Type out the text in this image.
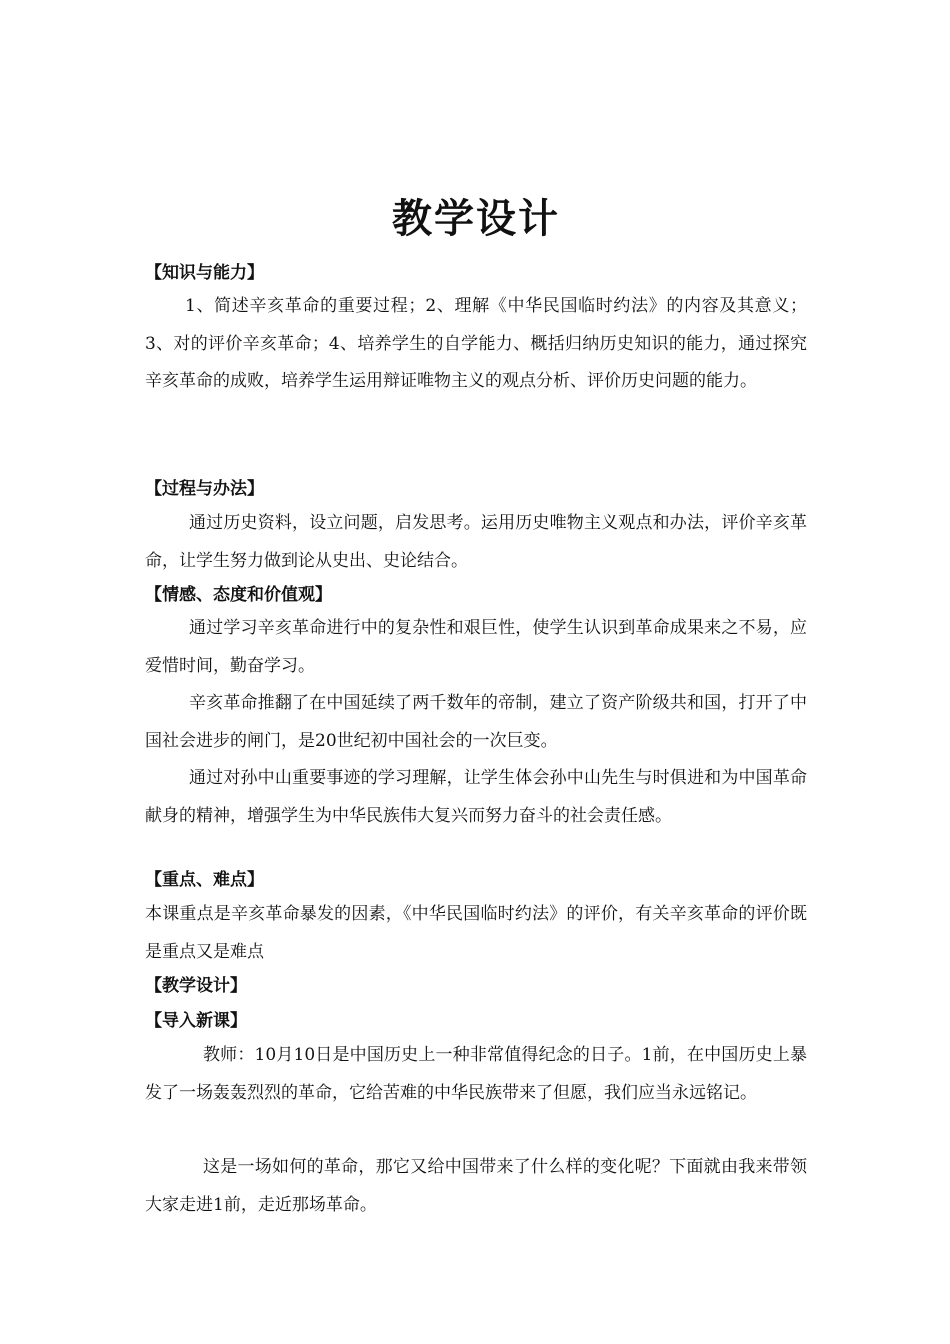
教学设计
【知识与能力】
1、简述辛亥革命的重要过程；2、理解《中华民国临时约法》的内容及其意义；3、对的评价辛亥革命；4、培养学生的自学能力、概括归纳历史知识的能力，通过探究辛亥革命的成败，培养学生运用辩证唯物主义的观点分析、评价历史问题的能力。
【过程与办法】
通过历史资料，设立问题，启发思考。运用历史唯物主义观点和办法，评价辛亥革命，让学生努力做到论从史出、史论结合。
【情感、态度和价值观】
通过学习辛亥革命进行中的复杂性和艰巨性，使学生认识到革命成果来之不易，应爱惜时间，勤奋学习。
辛亥革命推翻了在中国延续了两千数年的帝制，建立了资产阶级共和国，打开了中国社会进步的闸门，是20世纪初中国社会的一次巨变。
通过对孙中山重要事迹的学习理解，让学生体会孙中山先生与时俱进和为中国革命献身的精神，增强学生为中华民族伟大复兴而努力奋斗的社会责任感。
【重点、难点】
本课重点是辛亥革命暴发的因素，《中华民国临时约法》的评价，有关辛亥革命的评价既是重点又是难点
【教学设计】
【导入新课】
教师：10月10日是中国历史上一种非常值得纪念的日子。1前，在中国历史上暴发了一场轰轰烈烈的革命，它给苦难的中华民族带来了但愿，我们应当永远铭记。
这是一场如何的革命，那它又给中国带来了什么样的变化呢？下面就由我来带领大家走进1前，走近那场革命。
